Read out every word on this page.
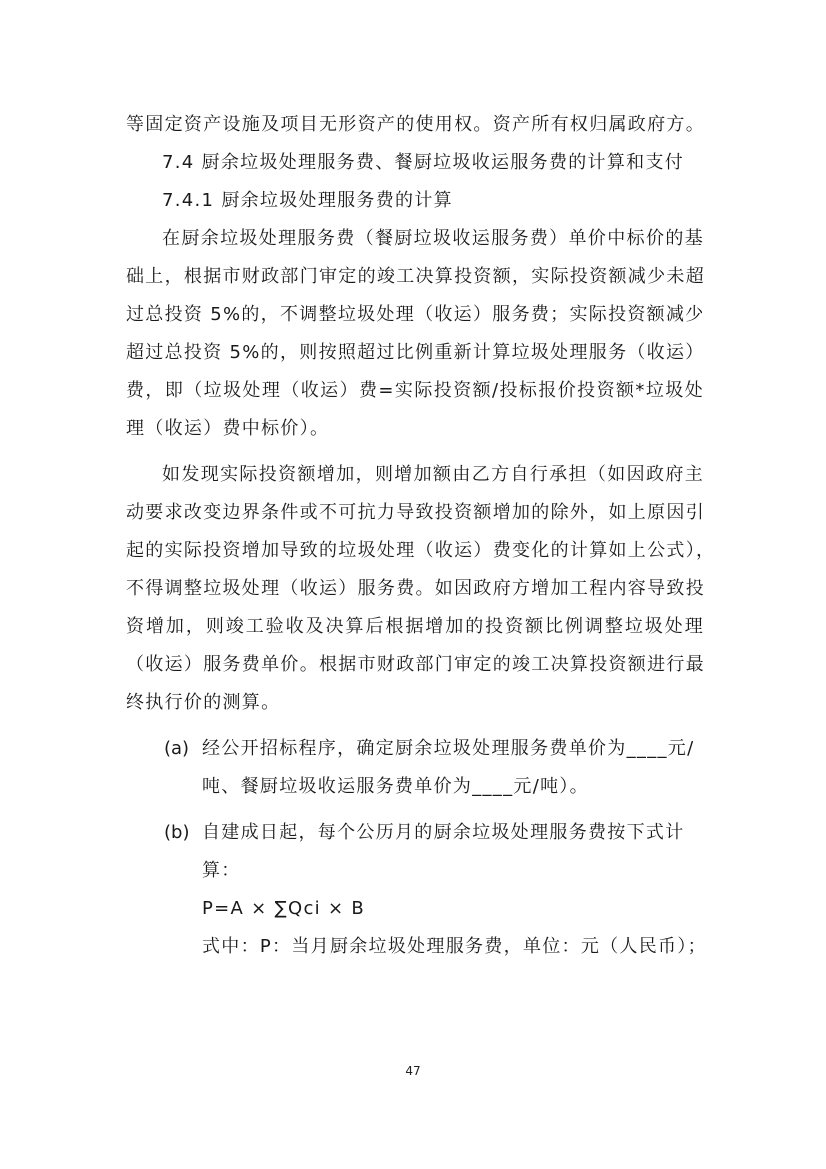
等固定资产设施及项目无形资产的使用权。资产所有权归属政府方。
7.4 厨余垃圾处理服务费、餐厨垃圾收运服务费的计算和支付
7.4.1 厨余垃圾处理服务费的计算
在厨余垃圾处理服务费（餐厨垃圾收运服务费）单价中标价的基
础上，根据市财政部门审定的竣工决算投资额，实际投资额减少未超
过总投资 5%的，不调整垃圾处理（收运）服务费；实际投资额减少
超过总投资 5%的，则按照超过比例重新计算垃圾处理服务（收运）
费，即（垃圾处理（收运）费=实际投资额/投标报价投资额*垃圾处
理（收运）费中标价）。
如发现实际投资额增加，则增加额由乙方自行承担（如因政府主
动要求改变边界条件或不可抗力导致投资额增加的除外，如上原因引
起的实际投资增加导致的垃圾处理（收运）费变化的计算如上公式），
不得调整垃圾处理（收运）服务费。如因政府方增加工程内容导致投
资增加，则竣工验收及决算后根据增加的投资额比例调整垃圾处理
（收运）服务费单价。根据市财政部门审定的竣工决算投资额进行最
终执行价的测算。
(a) 经公开招标程序，确定厨余垃圾处理服务费单价为____元/
吨、餐厨垃圾收运服务费单价为____元/吨）。
(b) 自建成日起，每个公历月的厨余垃圾处理服务费按下式计
算：
P=A × ∑Qci × B
式中：P：当月厨余垃圾处理服务费，单位：元（人民币）；
47
